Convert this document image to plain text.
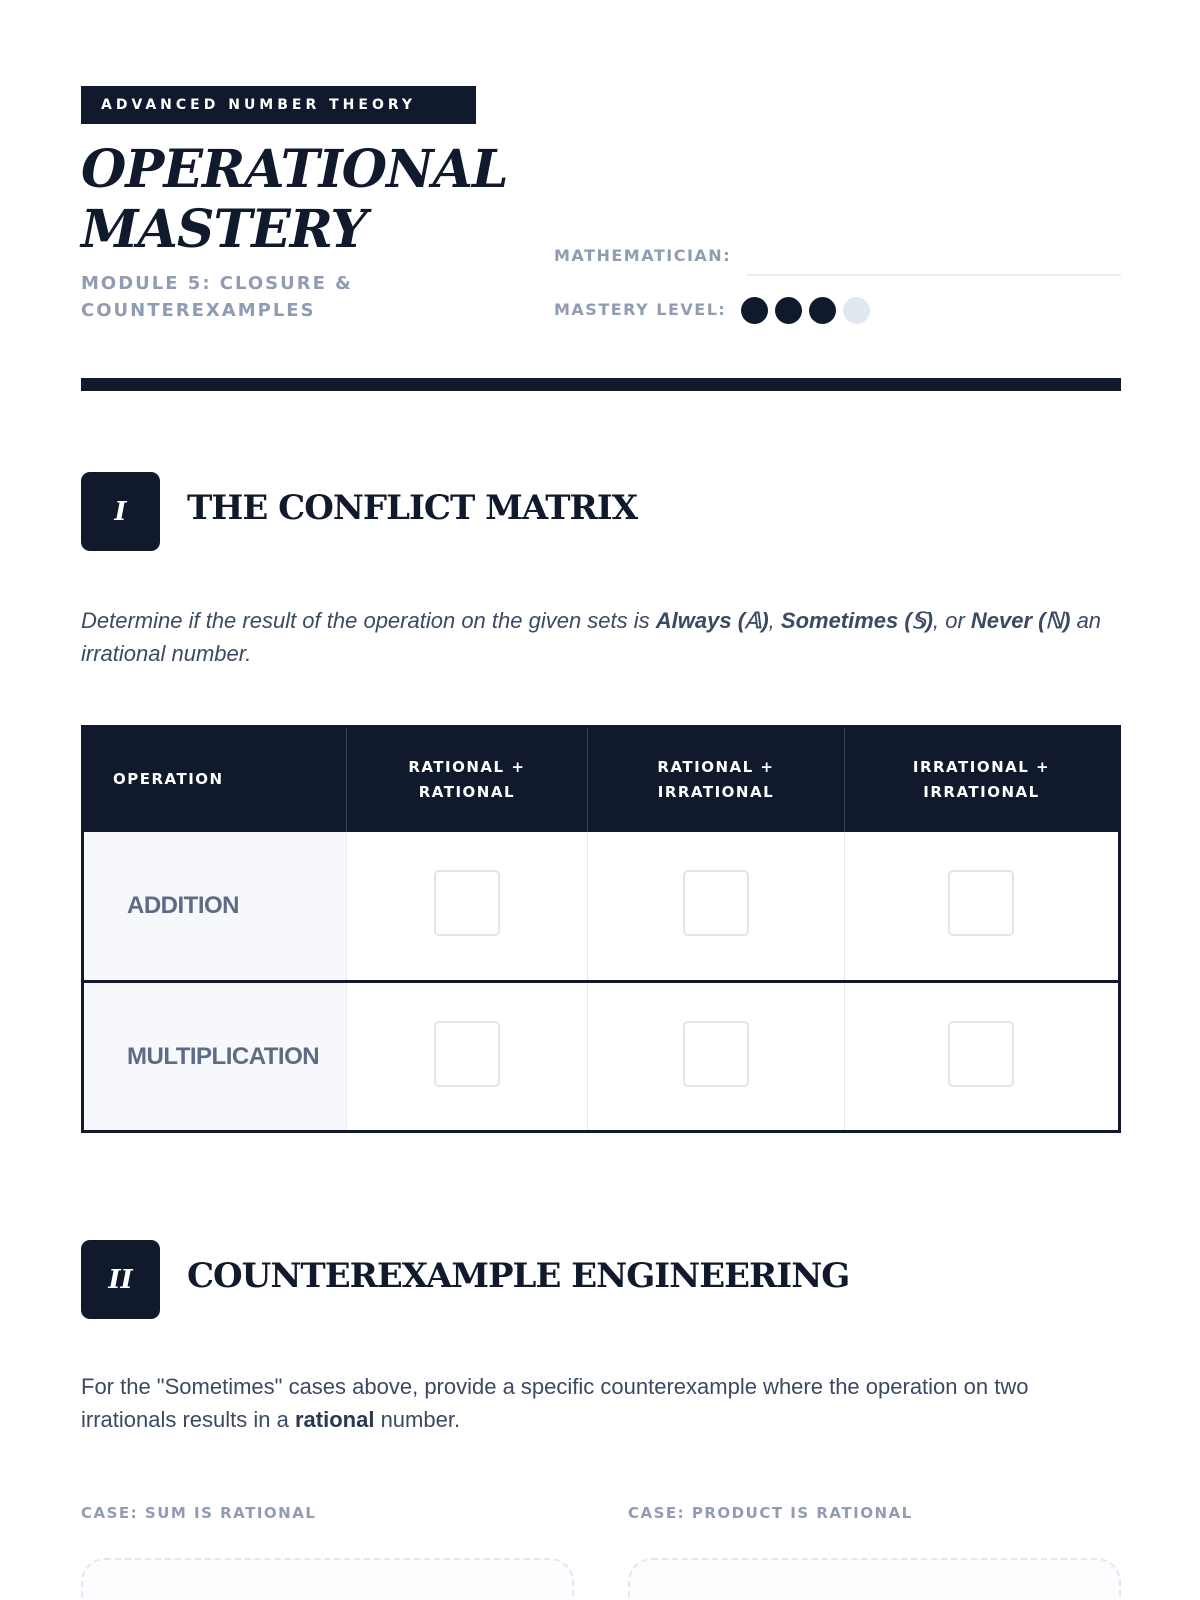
ADVANCED NUMBER THEORY
OPERATIONAL
MASTERY
MODULE 5: CLOSURE & COUNTEREXAMPLES
MATHEMATICIAN:
MASTERY LEVEL:
I	THE CONFLICT MATRIX
Determine if the result of the operation on the given sets is Always (𝔸), Sometimes (𝕊), or Never (ℕ) an irrational number.
OPERATION	RATIONAL + RATIONAL	RATIONAL + IRRATIONAL	IRRATIONAL + IRRATIONAL

ADDITION			
MULTIPLICATION			
II	COUNTEREXAMPLE ENGINEERING
For the "Sometimes" cases above, provide a specific counterexample where the operation on two irrationals results in a rational number.
CASE: SUM IS RATIONAL	CASE: PRODUCT IS RATIONAL
